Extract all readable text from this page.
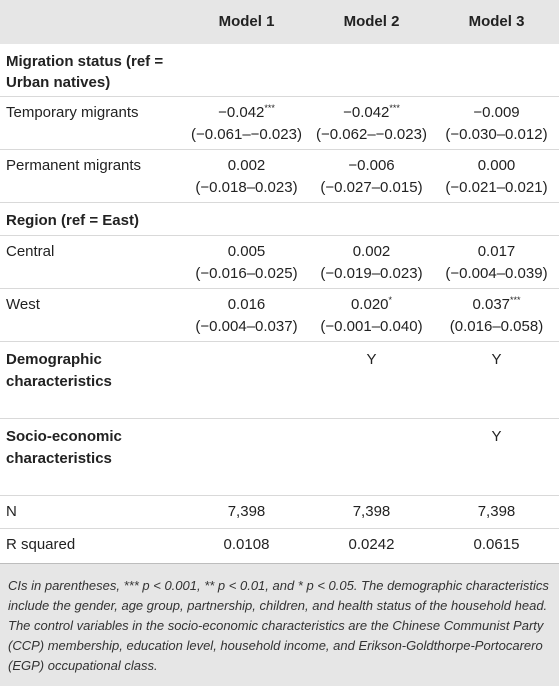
	Model 1	Model 2	Model 3
Migration status (ref = Urban natives)			
Temporary migrants	−0.042***	−0.042***	−0.009
	(−0.061–−0.023)	(−0.062–−0.023)	(−0.030–0.012)
Permanent migrants	0.002	−0.006	0.000
	(−0.018–0.023)	(−0.027–0.015)	(−0.021–0.021)
Region (ref = East)			
Central	0.005	0.002	0.017
	(−0.016–0.025)	(−0.019–0.023)	(−0.004–0.039)
West	0.016	0.020*	0.037***
	(−0.004–0.037)	(−0.001–0.040)	(0.016–0.058)
Demographic characteristics		Y	Y

Socio-economic characteristics			Y

N	7,398	7,398	7,398
R squared	0.0108	0.0242	0.0615
CIs in parentheses, *** p < 0.001, ** p < 0.01, and * p < 0.05. The demographic characteristics include the gender, age group, partnership, children, and health status of the household head. The control variables in the socio-economic characteristics are the Chinese Communist Party (CCP) membership, education level, household income, and Erikson-Goldthorpe-Portocarero (EGP) occupational class.
